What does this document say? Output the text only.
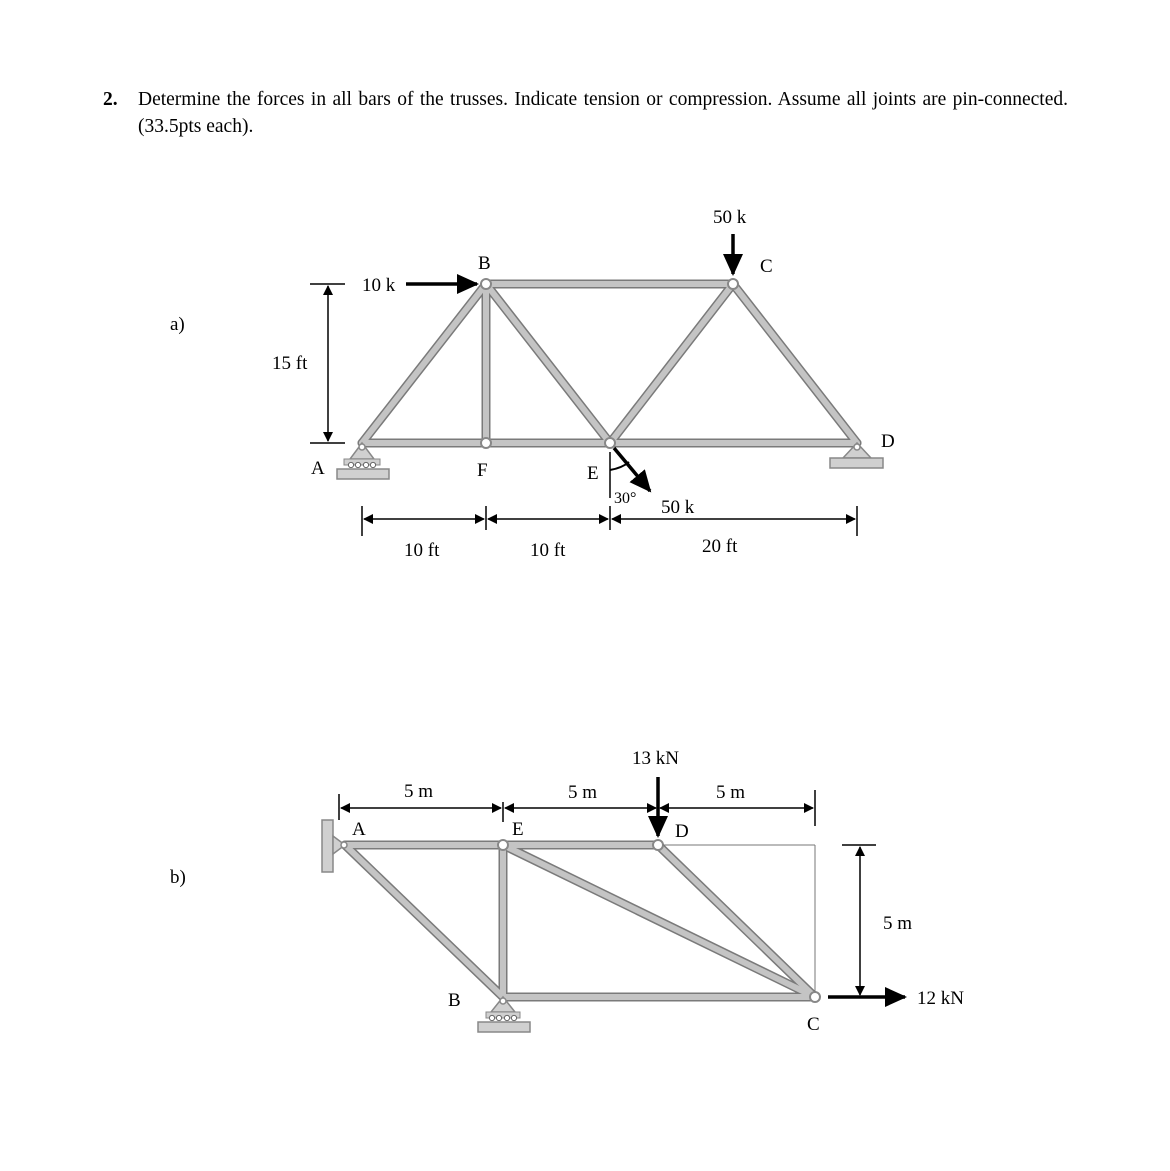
2. Determine the forces in all bars of the trusses. Indicate tension or compression. Assume all joints are pin-connected. (33.5pts each).
a)
B	C
D
A	F	E
10 k
50 k
30° 50 k
15 ft
10 ft	10 ft	20 ft
b)
A	E	D
B
C
13 kN
12 kN
5 m	5 m	5 m
5 m
